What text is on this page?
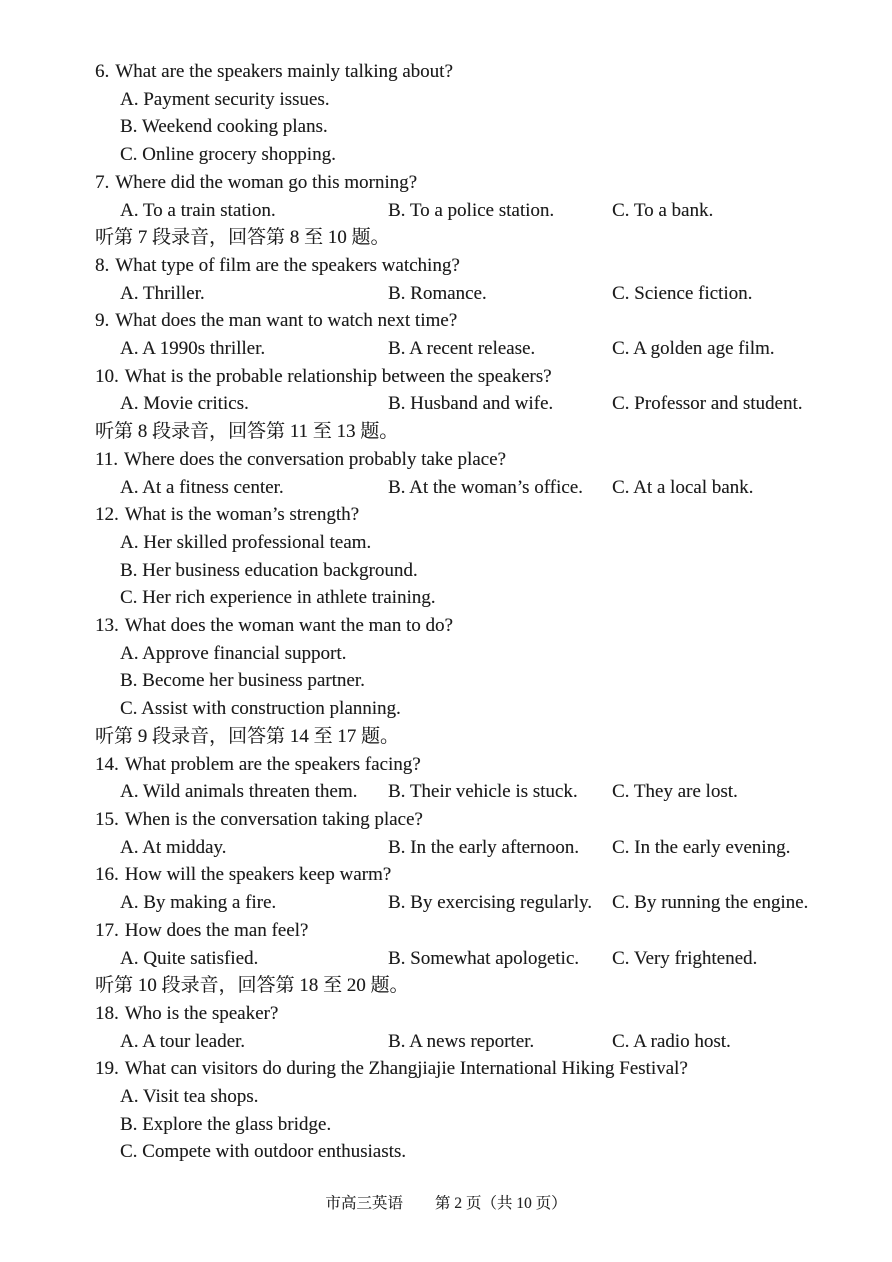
6. What are the speakers mainly talking about?
A. Payment security issues.
B. Weekend cooking plans.
C. Online grocery shopping.
7. Where did the woman go this morning?
A. To a train station.	B. To a police station.	C. To a bank.
听第 7 段录音，回答第 8 至 10 题。
8. What type of film are the speakers watching?
A. Thriller.	B. Romance.	C. Science fiction.
9. What does the man want to watch next time?
A. A 1990s thriller.	B. A recent release.	C. A golden age film.
10. What is the probable relationship between the speakers?
A. Movie critics.	B. Husband and wife.	C. Professor and student.
听第 8 段录音，回答第 11 至 13 题。
11. Where does the conversation probably take place?
A. At a fitness center.	B. At the woman’s office.	C. At a local bank.
12. What is the woman’s strength?
A. Her skilled professional team.
B. Her business education background.
C. Her rich experience in athlete training.
13. What does the woman want the man to do?
A. Approve financial support.
B. Become her business partner.
C. Assist with construction planning.
听第 9 段录音，回答第 14 至 17 题。
14. What problem are the speakers facing?
A. Wild animals threaten them.	B. Their vehicle is stuck.	C. They are lost.
15. When is the conversation taking place?
A. At midday.	B. In the early afternoon.	C. In the early evening.
16. How will the speakers keep warm?
A. By making a fire.	B. By exercising regularly.	C. By running the engine.
17. How does the man feel?
A. Quite satisfied.	B. Somewhat apologetic.	C. Very frightened.
听第 10 段录音，回答第 18 至 20 题。
18. Who is the speaker?
A. A tour leader.	B. A news reporter.	C. A radio host.
19. What can visitors do during the Zhangjiajie International Hiking Festival?
A. Visit tea shops.
B. Explore the glass bridge.
C. Compete with outdoor enthusiasts.
市高三英语 第 2 页（共 10 页）
